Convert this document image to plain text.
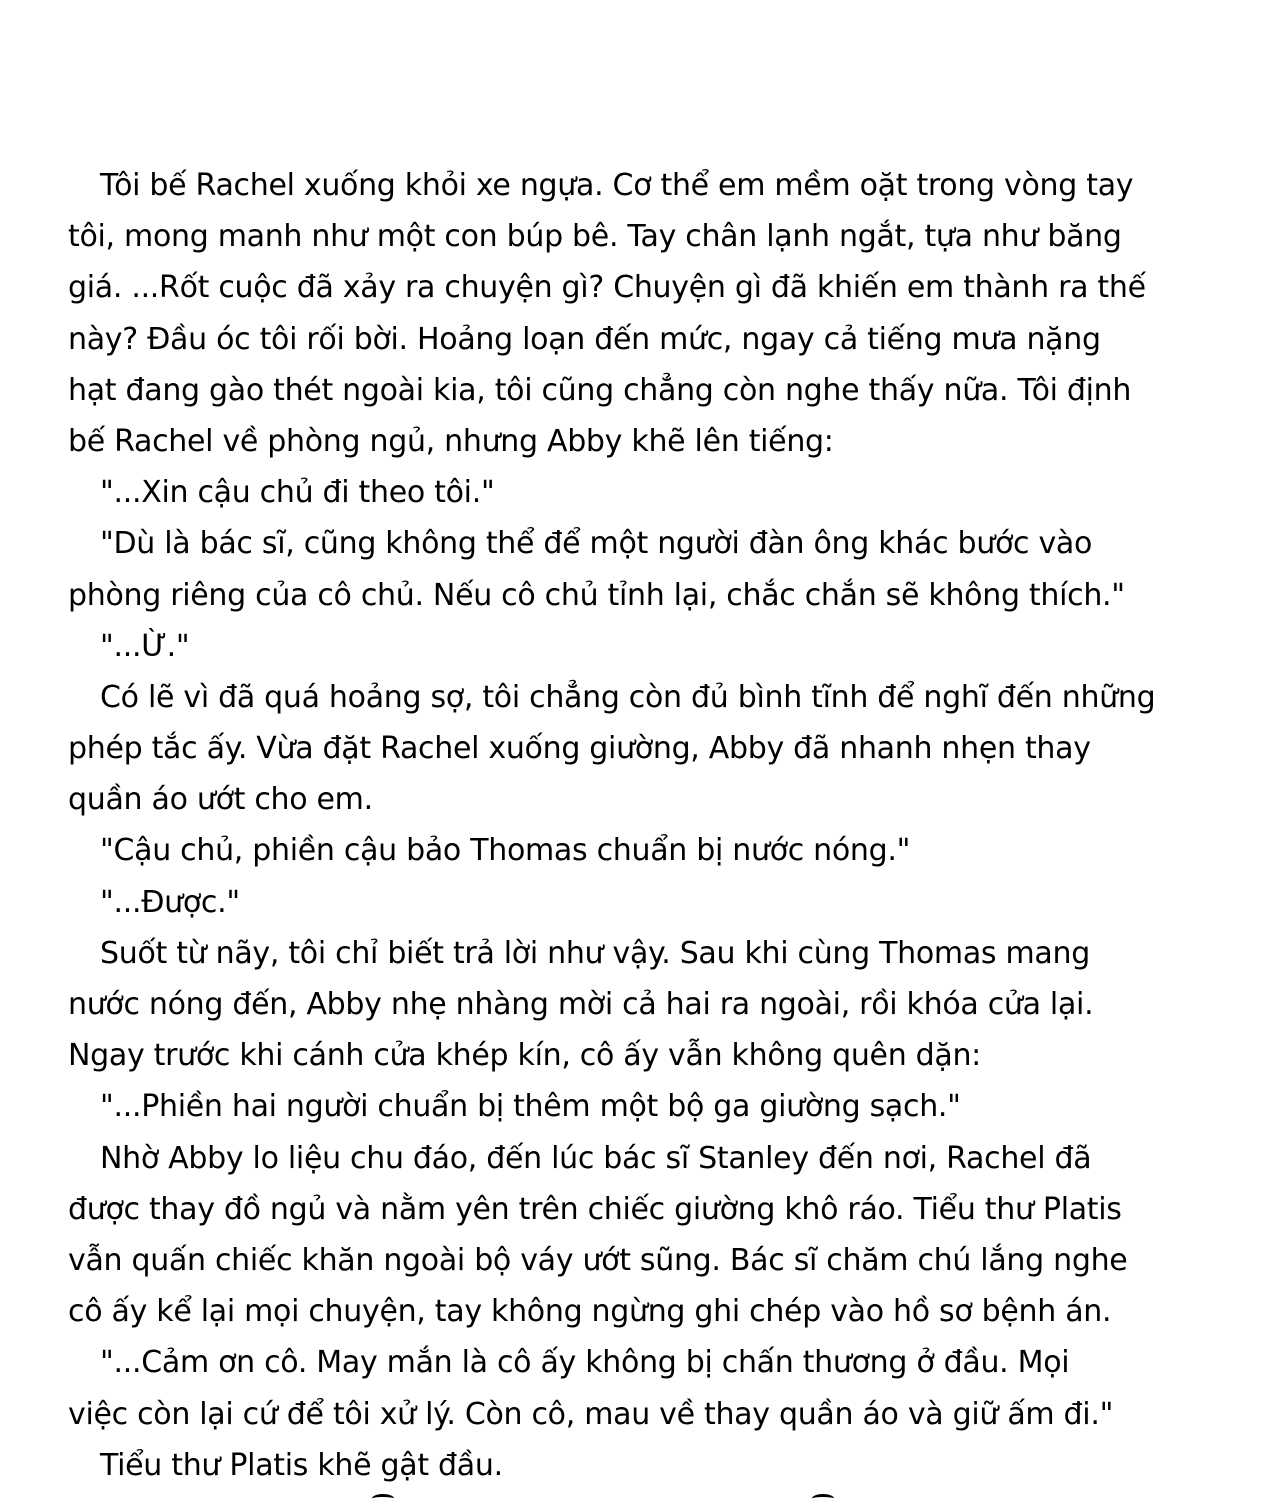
Tôi bế Rachel xuống khỏi xe ngựa. Cơ thể em mềm oặt trong vòng tay
tôi, mong manh như một con búp bê. Tay chân lạnh ngắt, tựa như băng
giá. ...Rốt cuộc đã xảy ra chuyện gì? Chuyện gì đã khiến em thành ra thế
này? Đầu óc tôi rối bời. Hoảng loạn đến mức, ngay cả tiếng mưa nặng
hạt đang gào thét ngoài kia, tôi cũng chẳng còn nghe thấy nữa. Tôi định
bế Rachel về phòng ngủ, nhưng Abby khẽ lên tiếng:
"...Xin cậu chủ đi theo tôi."
"Dù là bác sĩ, cũng không thể để một người đàn ông khác bước vào
phòng riêng của cô chủ. Nếu cô chủ tỉnh lại, chắc chắn sẽ không thích."
"...Ừ."
Có lẽ vì đã quá hoảng sợ, tôi chẳng còn đủ bình tĩnh để nghĩ đến những
phép tắc ấy. Vừa đặt Rachel xuống giường, Abby đã nhanh nhẹn thay
quần áo ướt cho em.
"Cậu chủ, phiền cậu bảo Thomas chuẩn bị nước nóng."
"...Được."
Suốt từ nãy, tôi chỉ biết trả lời như vậy. Sau khi cùng Thomas mang
nước nóng đến, Abby nhẹ nhàng mời cả hai ra ngoài, rồi khóa cửa lại.
Ngay trước khi cánh cửa khép kín, cô ấy vẫn không quên dặn:
"...Phiền hai người chuẩn bị thêm một bộ ga giường sạch."
Nhờ Abby lo liệu chu đáo, đến lúc bác sĩ Stanley đến nơi, Rachel đã
được thay đồ ngủ và nằm yên trên chiếc giường khô ráo. Tiểu thư Platis
vẫn quấn chiếc khăn ngoài bộ váy ướt sũng. Bác sĩ chăm chú lắng nghe
cô ấy kể lại mọi chuyện, tay không ngừng ghi chép vào hồ sơ bệnh án.
"...Cảm ơn cô. May mắn là cô ấy không bị chấn thương ở đầu. Mọi
việc còn lại cứ để tôi xử lý. Còn cô, mau về thay quần áo và giữ ấm đi."
Tiểu thư Platis khẽ gật đầu.
